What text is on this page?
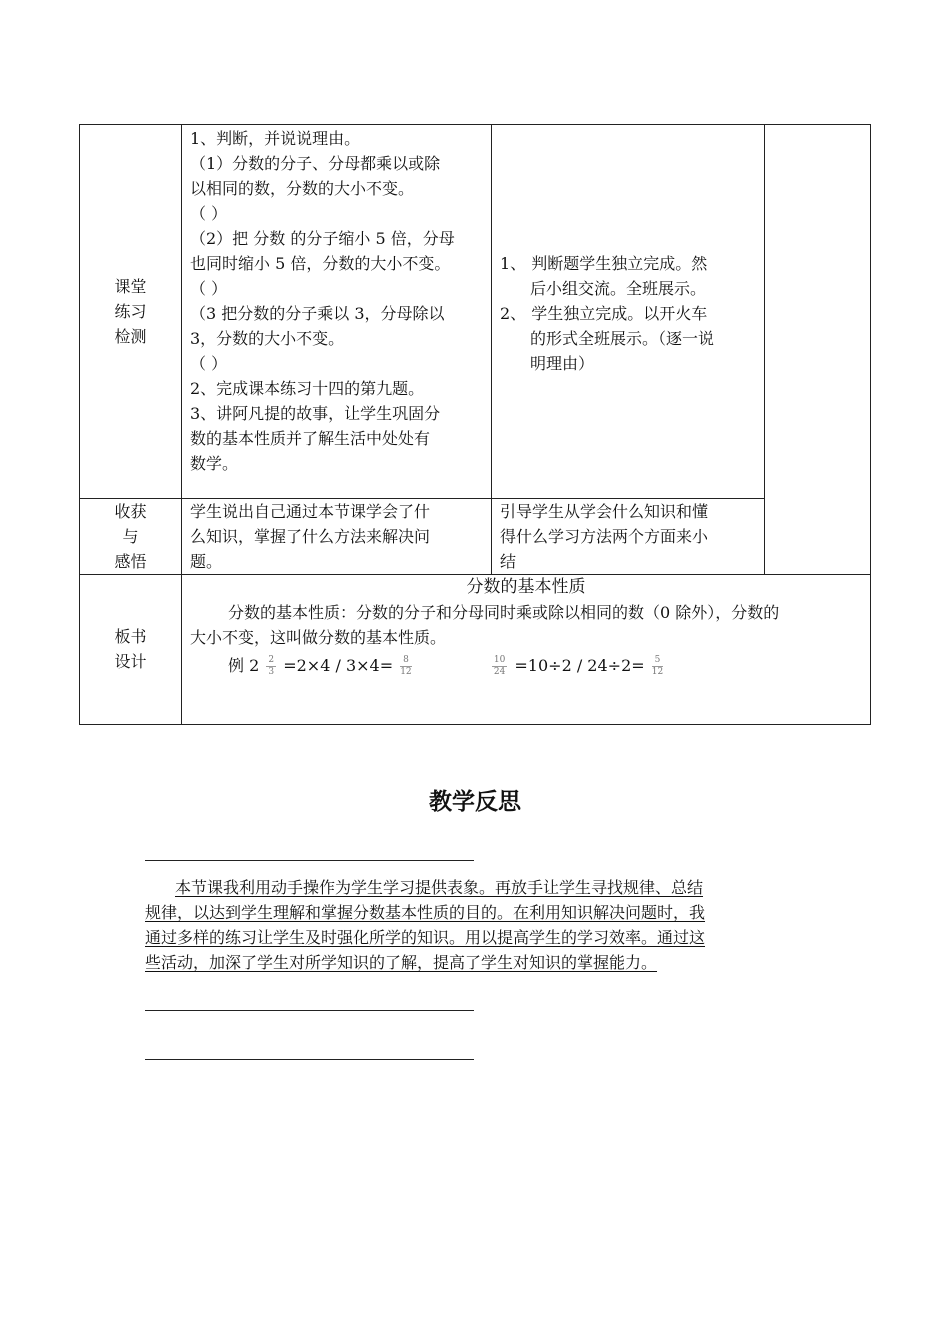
课堂
练习
检测
1、判断，并说说理由。
（1）分数的分子、分母都乘以或除
以相同的数，分数的大小不变。
（ ）
（2）把 分数 的分子缩小 5 倍，分母
也同时缩小 5 倍，分数的大小不变。
（ ）
（3 把分数的分子乘以 3，分母除以
3，分数的大小不变。
（ ）
2、完成课本练习十四的第九题。
3、讲阿凡提的故事，让学生巩固分
数的基本性质并了解生活中处处有
数学。
1、 判断题学生独立完成。然
后小组交流。全班展示。
2、 学生独立完成。以开火车
的形式全班展示。（逐一说
明理由）
收获
与
感悟
学生说出自己通过本节课学会了什
么知识，掌握了什么方法来解决问
题。
引导学生从学会什么知识和懂
得什么学习方法两个方面来小
结
板书
设计
分数的基本性质
分数的基本性质：分数的分子和分母同时乘或除以相同的数（0 除外），分数的
大小不变，这叫做分数的基本性质。
例 $2 \frac{2}{3} =2\times 4 / 3\times 4= \frac{8}{12}$
	$\frac{10}{24} =10\div 2 / 24\div 2= \frac{5}{12}$
教学反思
本节课我利用动手操作为学生学习提供表象。再放手让学生寻找规律、总结
规律，以达到学生理解和掌握分数基本性质的目的。在利用知识解决问题时，我
通过多样的练习让学生及时强化所学的知识。用以提高学生的学习效率。通过这
些活动，加深了学生对所学知识的了解，提高了学生对知识的掌握能力。
